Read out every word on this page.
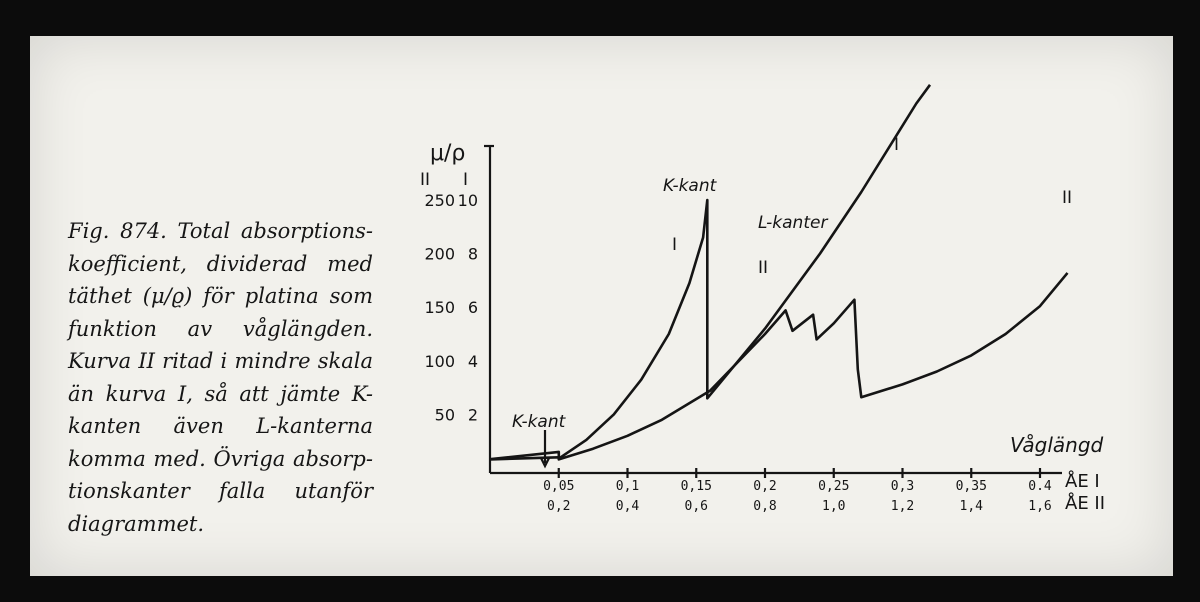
Fig. 874. Total absorptionskoefficient, dividerad med täthet (μ/ϱ) för platina som funktion av våglängden. Kurva II ritad i mindre skala än kurva I, så att jämte K-kanten även L-kanterna komma med. Övriga absorptionskanter falla utanför diagrammet.
μ/ρ
II I
Våglängd
ÅE I
ÅE II
50 2
100 4
150 6
200 8
250 10
0,05
0,2
0,1
0,4
0,15
0,6
0,2
0,8
0,25
1,0
0,3
1,2
0,35
1,4
0.4
1,6
K-kant
K-kant
L-kanter
I
I
II
II
